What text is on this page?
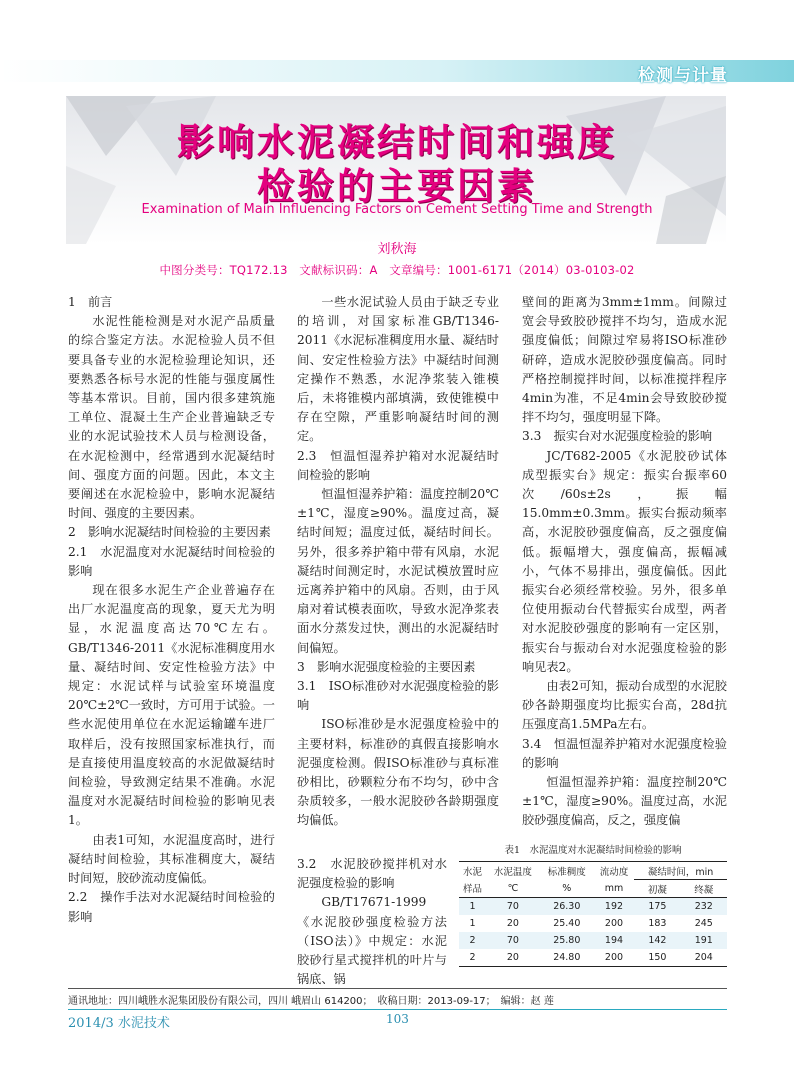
检测与计量
影响水泥凝结时间和强度
检验的主要因素
Examination of Main Influencing Factors on Cement Setting Time and Strength
刘秋海
中图分类号：TQ172.13　文献标识码：A　文章编号：1001-6171（2014）03-0103-02
1　前言

水泥性能检测是对水泥产品质量的综合鉴定方法。水泥检验人员不但要具备专业的水泥检验理论知识，还要熟悉各标号水泥的性能与强度属性等基本常识。目前，国内很多建筑施工单位、混凝土生产企业普遍缺乏专业的水泥试验技术人员与检测设备，在水泥检测中，经常遇到水泥凝结时间、强度方面的问题。因此，本文主要阐述在水泥检验中，影响水泥凝结时间、强度的主要因素。

2　影响水泥凝结时间检验的主要因素
2.1　水泥温度对水泥凝结时间检验的影响

现在很多水泥生产企业普遍存在出厂水泥温度高的现象，夏天尤为明显，水泥温度高达70℃左右。GB/T1346-2011《水泥标准稠度用水量、凝结时间、安定性检验方法》中规定：水泥试样与试验室环境温度20℃±2℃一致时，方可用于试验。一些水泥使用单位在水泥运输罐车进厂取样后，没有按照国家标准执行，而是直接使用温度较高的水泥做凝结时间检验，导致测定结果不准确。水泥温度对水泥凝结时间检验的影响见表1。

由表1可知，水泥温度高时，进行凝结时间检验，其标准稠度大，凝结时间短，胶砂流动度偏低。

2.2　操作手法对水泥凝结时间检验的影响

一些水泥试验人员由于缺乏专业的培训，对国家标准GB/T1346-2011《水泥标准稠度用水量、凝结时间、安定性检验方法》中凝结时间测定操作不熟悉，水泥净浆装入锥模后，未将锥模内部填满，致使锥模中存在空隙，严重影响凝结时间的测定。

2.3　恒温恒湿养护箱对水泥凝结时间检验的影响

恒温恒湿养护箱：温度控制20℃±1℃，湿度≥90%。温度过高，凝结时间短；温度过低，凝结时间长。另外，很多养护箱中带有风扇，水泥凝结时间测定时，水泥试模放置时应远离养护箱中的风扇。否则，由于风扇对着试模表面吹，导致水泥净浆表面水分蒸发过快，测出的水泥凝结时间偏短。

3　影响水泥强度检验的主要因素
3.1　ISO标准砂对水泥强度检验的影响

ISO标准砂是水泥强度检验中的主要材料，标准砂的真假直接影响水泥强度检测。假ISO标准砂与真标准砂相比，砂颗粒分布不均匀，砂中含杂质较多，一般水泥胶砂各龄期强度均偏低。

3.2　水泥胶砂搅拌机对水泥强度检验的影响

GB/T17671-1999《水泥胶砂强度检验方法（ISO法）》中规定：水泥胶砂行星式搅拌机的叶片与锅底、锅

壁间的距离为3mm±1mm。间隙过宽会导致胶砂搅拌不均匀，造成水泥强度偏低；间隙过窄易将ISO标准砂研碎，造成水泥胶砂强度偏高。同时严格控制搅拌时间，以标准搅拌程序4min为准，不足4min会导致胶砂搅拌不均匀，强度明显下降。

3.3　振实台对水泥强度检验的影响

JC/T682-2005《水泥胶砂试体成型振实台》规定：振实台振率60次/60s±2s，振幅15.0mm±0.3mm。振实台振动频率高，水泥胶砂强度偏高，反之强度偏低。振幅增大，强度偏高，振幅减小，气体不易排出，强度偏低。因此振实台必须经常校验。另外，很多单位使用振动台代替振实台成型，两者对水泥胶砂强度的影响有一定区别，振实台与振动台对水泥强度检验的影响见表2。

由表2可知，振动台成型的水泥胶砂各龄期强度均比振实台高，28d抗压强度高1.5MPa左右。

3.4　恒温恒湿养护箱对水泥强度检验的影响

恒温恒湿养护箱：温度控制20℃±1℃，湿度≥90%。温度过高，水泥胶砂强度偏高，反之，强度偏

表1　水泥温度对水泥凝结时间检验的影响
水泥	水泥温度	标准稠度	流动度	凝结时间，min	
样品	℃	%	mm	初凝	终凝
1	70	26.30	192	175	232
1	20	25.40	200	183	245
2	70	25.80	194	142	191
2	20	24.80	200	150	204
通讯地址：四川峨胜水泥集团股份有限公司，四川 峨眉山 614200；　收稿日期：2013-09-17；　编辑：赵 莲
2014/3 水泥技术	103
